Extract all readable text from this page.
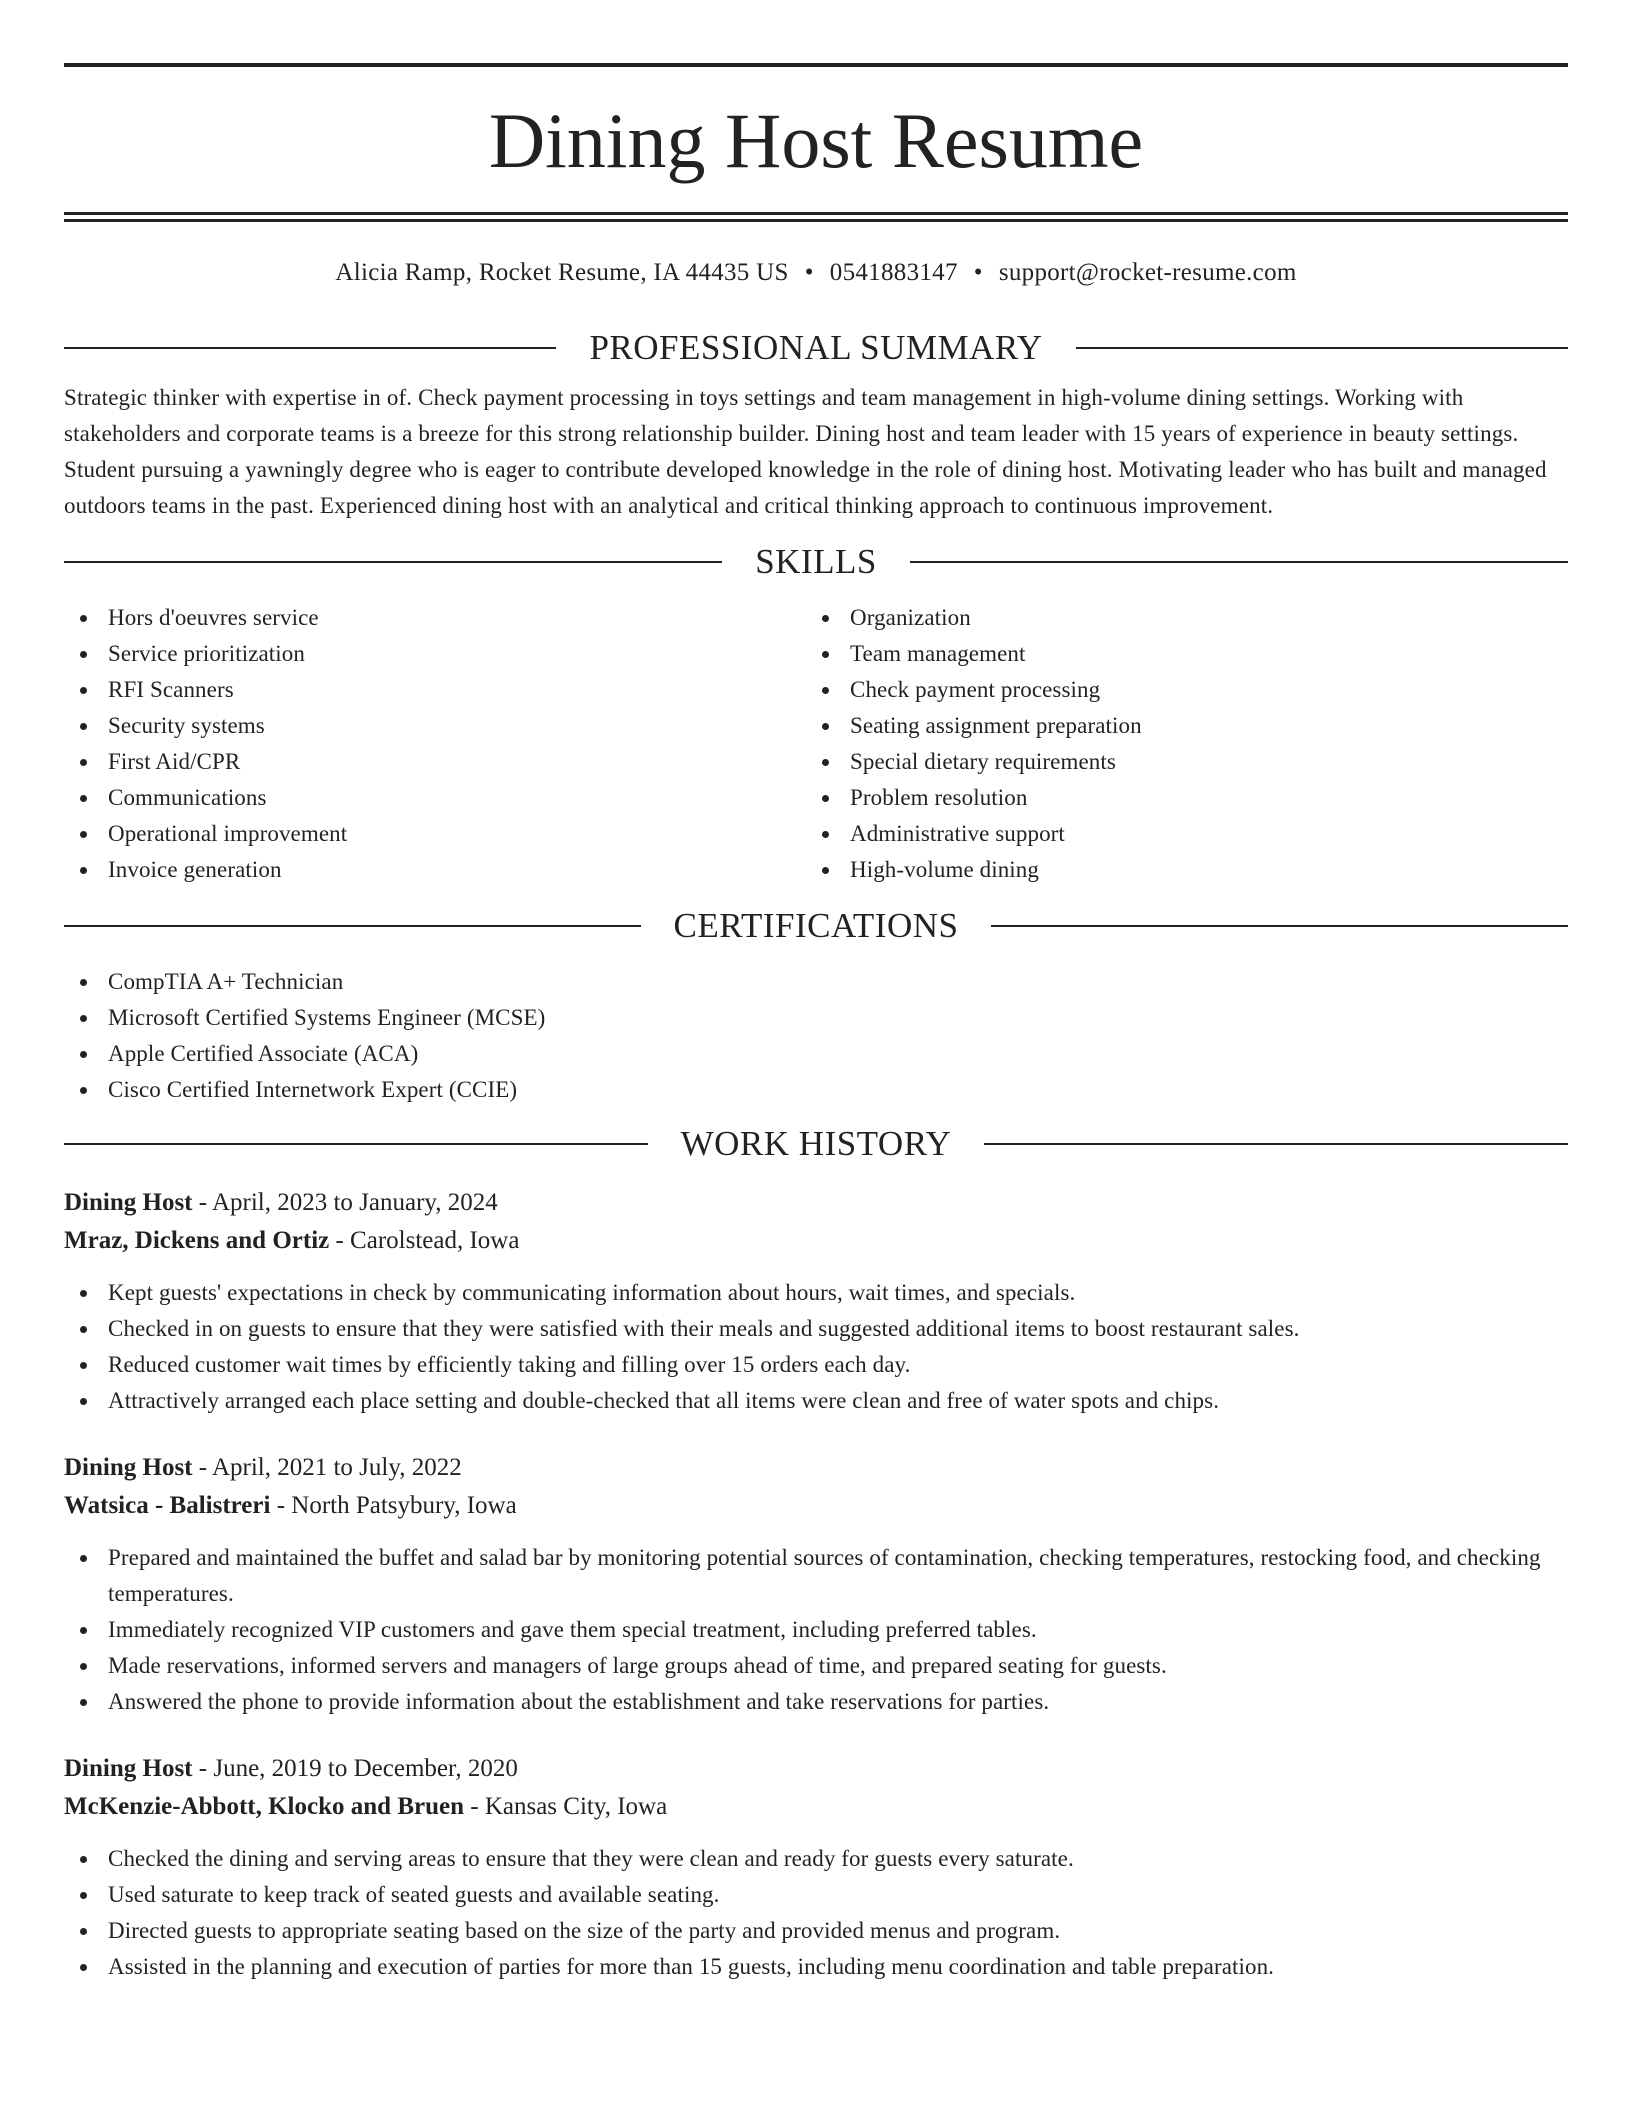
Dining Host Resume
Alicia Ramp, Rocket Resume, IA 44435 US • 0541883147 • support@rocket-resume.com
PROFESSIONAL SUMMARY
Strategic thinker with expertise in of. Check payment processing in toys settings and team management in high-volume dining settings. Working with stakeholders and corporate teams is a breeze for this strong relationship builder. Dining host and team leader with 15 years of experience in beauty settings. Student pursuing a yawningly degree who is eager to contribute developed knowledge in the role of dining host. Motivating leader who has built and managed outdoors teams in the past. Experienced dining host with an analytical and critical thinking approach to continuous improvement.
SKILLS
Hors d'oeuvres service
Service prioritization
RFI Scanners
Security systems
First Aid/CPR
Communications
Operational improvement
Invoice generation
Organization
Team management
Check payment processing
Seating assignment preparation
Special dietary requirements
Problem resolution
Administrative support
High-volume dining
CERTIFICATIONS
CompTIA A+ Technician
Microsoft Certified Systems Engineer (MCSE)
Apple Certified Associate (ACA)
Cisco Certified Internetwork Expert (CCIE)
WORK HISTORY
Dining Host - April, 2023 to January, 2024
Mraz, Dickens and Ortiz - Carolstead, Iowa
Kept guests' expectations in check by communicating information about hours, wait times, and specials.
Checked in on guests to ensure that they were satisfied with their meals and suggested additional items to boost restaurant sales.
Reduced customer wait times by efficiently taking and filling over 15 orders each day.
Attractively arranged each place setting and double-checked that all items were clean and free of water spots and chips.
Dining Host - April, 2021 to July, 2022
Watsica - Balistreri - North Patsybury, Iowa
Prepared and maintained the buffet and salad bar by monitoring potential sources of contamination, checking temperatures, restocking food, and checking temperatures.
Immediately recognized VIP customers and gave them special treatment, including preferred tables.
Made reservations, informed servers and managers of large groups ahead of time, and prepared seating for guests.
Answered the phone to provide information about the establishment and take reservations for parties.
Dining Host - June, 2019 to December, 2020
McKenzie-Abbott, Klocko and Bruen - Kansas City, Iowa
Checked the dining and serving areas to ensure that they were clean and ready for guests every saturate.
Used saturate to keep track of seated guests and available seating.
Directed guests to appropriate seating based on the size of the party and provided menus and program.
Assisted in the planning and execution of parties for more than 15 guests, including menu coordination and table preparation.
